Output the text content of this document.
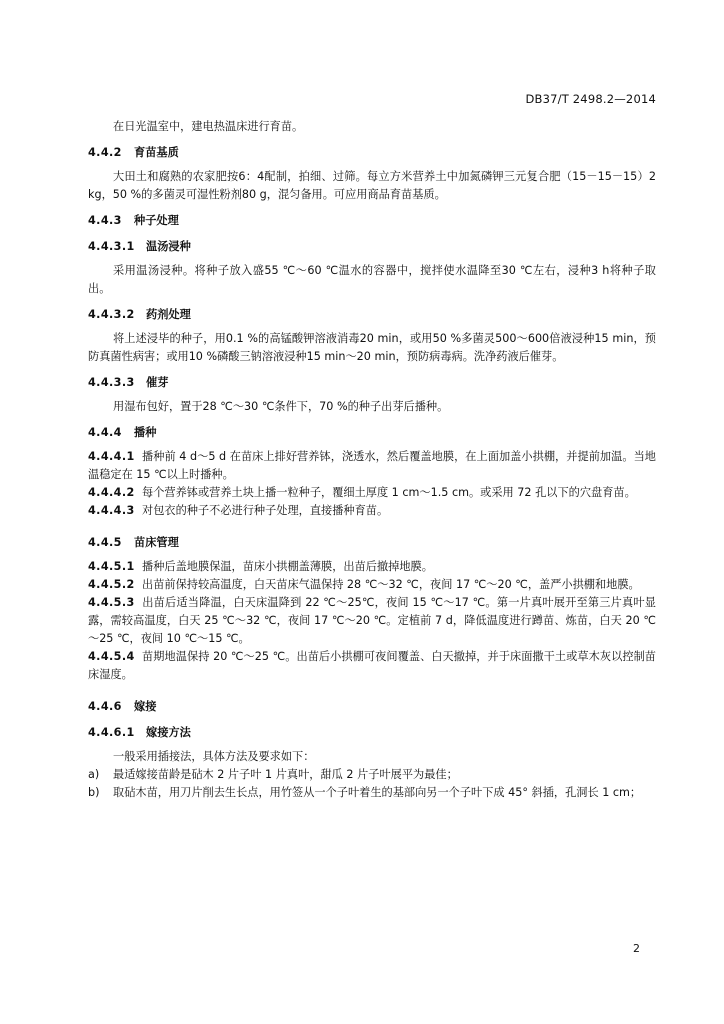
DB37/T 2498.2—2014

在日光温室中，建电热温床进行育苗。

4.4.2	育苗基质

大田土和腐熟的农家肥按6：4配制，拍细、过筛。每立方米营养土中加氮磷钾三元复合肥（15－15－15）2 kg，50 %的多菌灵可湿性粉剂80 g，混匀备用。可应用商品育苗基质。

4.4.3	种子处理
4.4.3.1	温汤浸种

采用温汤浸种。将种子放入盛55 ℃～60 ℃温水的容器中，搅拌使水温降至30 ℃左右，浸种3 h将种子取出。

4.4.3.2	药剂处理

将上述浸毕的种子，用0.1 %的高锰酸钾溶液消毒20 min，或用50 %多菌灵500～600倍液浸种15 min，预防真菌性病害；或用10 %磷酸三钠溶液浸种15 min～20 min，预防病毒病。洗净药液后催芽。

4.4.3.3	催芽

用湿布包好，置于28 ℃～30 ℃条件下，70 %的种子出芽后播种。

4.4.4	播种
4.4.4.1 播种前 4 d～5 d 在苗床上排好营养钵，浇透水，然后覆盖地膜，在上面加盖小拱棚，并提前加温。当地温稳定在 15 ℃以上时播种。
4.4.4.2 每个营养钵或营养土块上播一粒种子，覆细土厚度 1 cm～1.5 cm。或采用 72 孔以下的穴盘育苗。
4.4.4.3 对包衣的种子不必进行种子处理，直接播种育苗。
4.4.5	苗床管理
4.4.5.1 播种后盖地膜保温，苗床小拱棚盖薄膜，出苗后撤掉地膜。
4.4.5.2 出苗前保持较高温度，白天苗床气温保持 28 ℃～32 ℃，夜间 17 ℃～20 ℃，盖严小拱棚和地膜。
4.4.5.3 出苗后适当降温，白天床温降到 22 ℃～25℃，夜间 15 ℃～17 ℃。第一片真叶展开至第三片真叶显露，需较高温度，白天 25 ℃～32 ℃，夜间 17 ℃～20 ℃。定植前 7 d，降低温度进行蹲苗、炼苗，白天 20 ℃～25 ℃，夜间 10 ℃～15 ℃。
4.4.5.4 苗期地温保持 20 ℃～25 ℃。出苗后小拱棚可夜间覆盖、白天撤掉，并于床面撒干土或草木灰以控制苗床湿度。
4.4.6	嫁接
4.4.6.1	嫁接方法

一般采用插接法，具体方法及要求如下：

a)	最适嫁接苗龄是砧木 2 片子叶 1 片真叶，甜瓜 2 片子叶展平为最佳；
b)	取砧木苗，用刀片削去生长点，用竹签从一个子叶着生的基部向另一个子叶下成 45° 斜插，孔洞长 1 cm；
2
